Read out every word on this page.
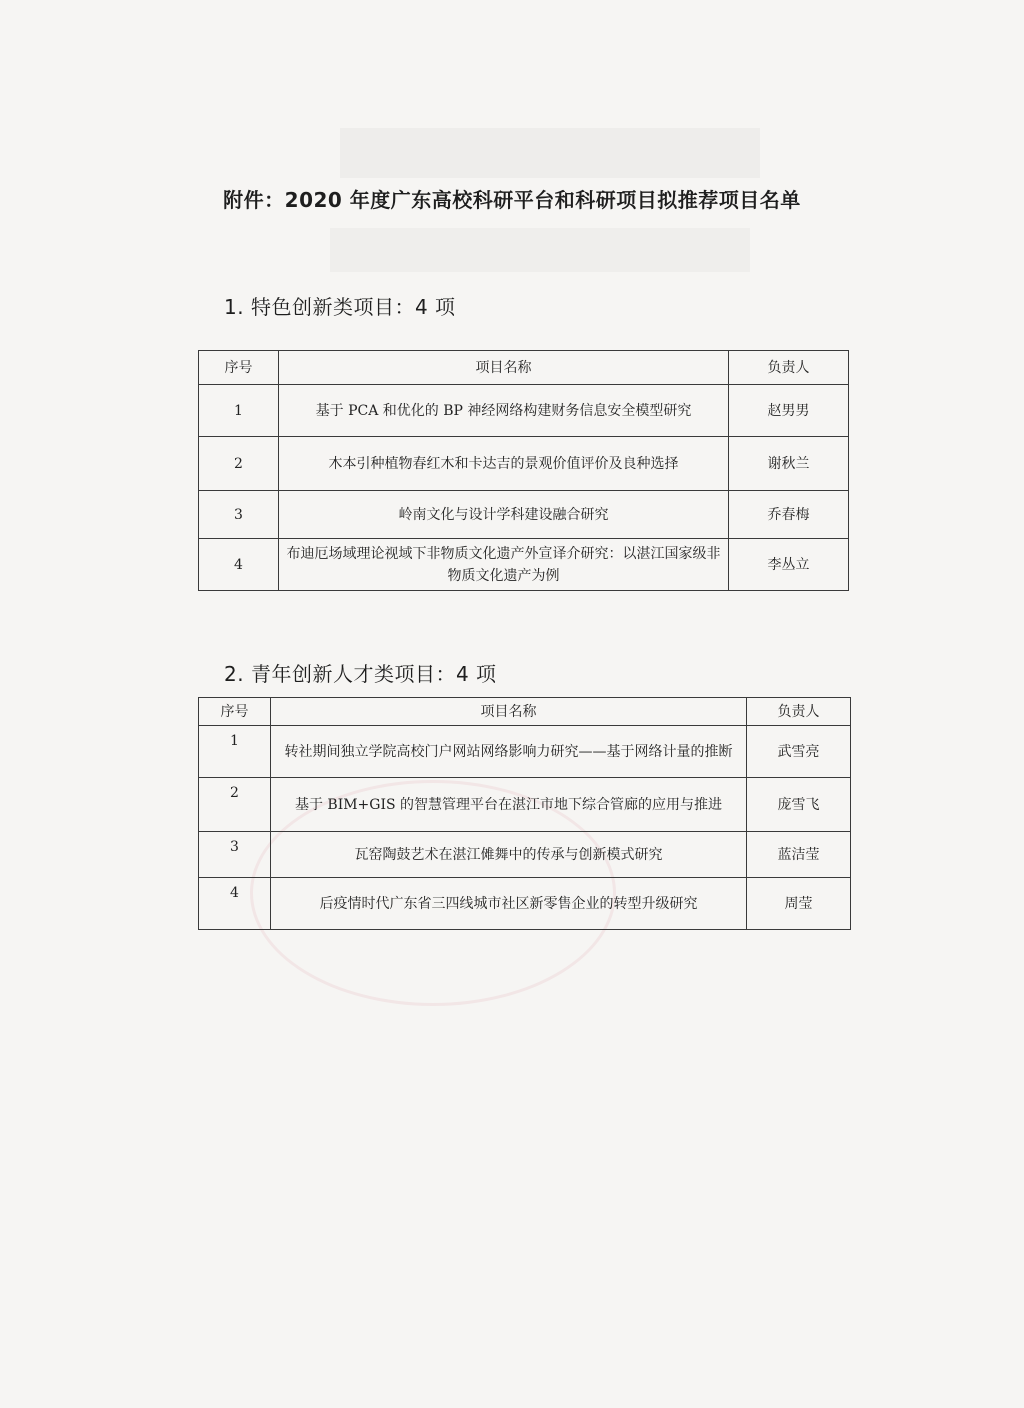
附件：2020 年度广东高校科研平台和科研项目拟推荐项目名单
1. 特色创新类项目：4 项
序号	项目名称	负责人
1	基于 PCA 和优化的 BP 神经网络构建财务信息安全模型研究	赵男男
2	木本引种植物春红木和卡达吉的景观价值评价及良种选择	谢秋兰
3	岭南文化与设计学科建设融合研究	乔春梅
4	布迪厄场域理论视域下非物质文化遗产外宣译介研究：以湛江国家级非物质文化遗产为例	李丛立
2. 青年创新人才类项目：4 项
序号	项目名称	负责人
1	转社期间独立学院高校门户网站网络影响力研究——基于网络计量的推断	武雪亮
2	基于 BIM+GIS 的智慧管理平台在湛江市地下综合管廊的应用与推进	庞雪飞
3	瓦窑陶鼓艺术在湛江傩舞中的传承与创新模式研究	蓝洁莹
4	后疫情时代广东省三四线城市社区新零售企业的转型升级研究	周莹
